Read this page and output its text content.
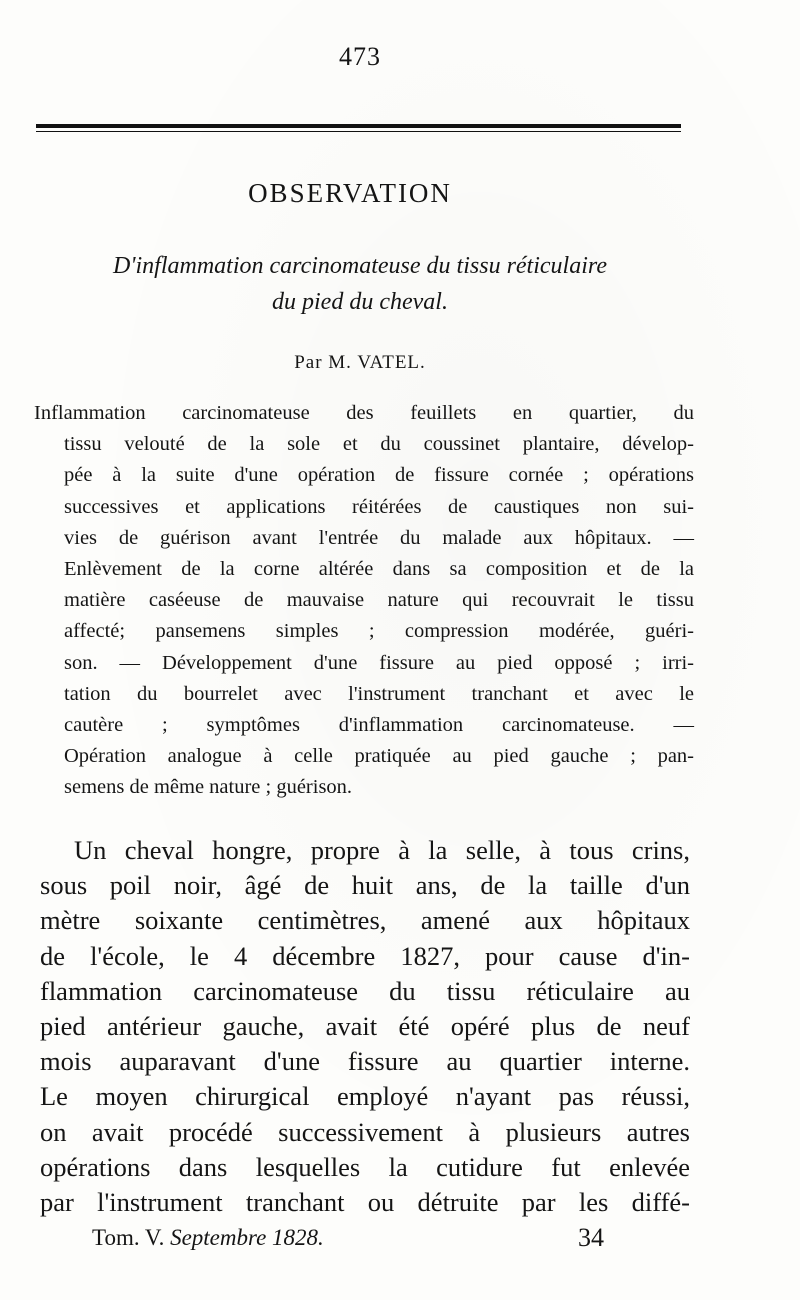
473
OBSERVATION
D'inflammation carcinomateuse du tissu réticulaire
du pied du cheval.
Par M. VATEL.
Inflammation carcinomateuse des feuillets en quartier, du
tissu velouté de la sole et du coussinet plantaire, dévelop-
pée à la suite d'une opération de fissure cornée ; opérations
successives et applications réitérées de caustiques non sui-
vies de guérison avant l'entrée du malade aux hôpitaux. —
Enlèvement de la corne altérée dans sa composition et de la
matière caséeuse de mauvaise nature qui recouvrait le tissu
affecté; pansemens simples ; compression modérée, guéri-
son. — Développement d'une fissure au pied opposé ; irri-
tation du bourrelet avec l'instrument tranchant et avec le
cautère ; symptômes d'inflammation carcinomateuse. —
Opération analogue à celle pratiquée au pied gauche ; pan-
semens de même nature ; guérison.
Un cheval hongre, propre à la selle, à tous crins,
sous poil noir, âgé de huit ans, de la taille d'un
mètre soixante centimètres, amené aux hôpitaux
de l'école, le 4 décembre 1827, pour cause d'in-
flammation carcinomateuse du tissu réticulaire au
pied antérieur gauche, avait été opéré plus de neuf
mois auparavant d'une fissure au quartier interne.
Le moyen chirurgical employé n'ayant pas réussi,
on avait procédé successivement à plusieurs autres
opérations dans lesquelles la cutidure fut enlevée
par l'instrument tranchant ou détruite par les diffé-
Tom. V. Septembre 1828.	34
